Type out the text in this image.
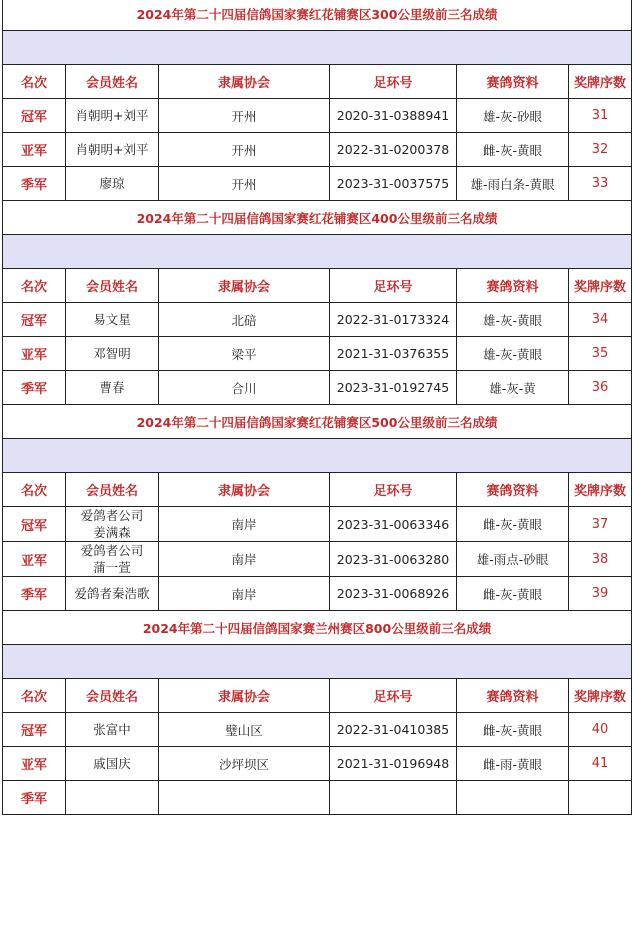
2024年第二十四届信鸽国家赛红花铺赛区300公里级前三名成绩					

名次	会员姓名	隶属协会	足环号	赛鸽资料	奖牌序数
冠军	肖朝明+刘平	开州	2020-31-0388941	雄-灰-砂眼	31
亚军	肖朝明+刘平	开州	2022-31-0200378	雌-灰-黄眼	32
季军	廖琼	开州	2023-31-0037575	雄-雨白条-黄眼	33
2024年第二十四届信鸽国家赛红花铺赛区400公里级前三名成绩					

名次	会员姓名	隶属协会	足环号	赛鸽资料	奖牌序数
冠军	易文星	北碚	2022-31-0173324	雄-灰-黄眼	34
亚军	邓智明	梁平	2021-31-0376355	雄-灰-黄眼	35
季军	曹春	合川	2023-31-0192745	雄-灰-黄	36
2024年第二十四届信鸽国家赛红花铺赛区500公里级前三名成绩					

名次	会员姓名	隶属协会	足环号	赛鸽资料	奖牌序数
冠军	爱鸽者公司
姜满森	南岸	2023-31-0063346	雌-灰-黄眼	37
亚军	爱鸽者公司
蒲一萱	南岸	2023-31-0063280	雄-雨点-砂眼	38
季军	爱鸽者秦浩歌	南岸	2023-31-0068926	雌-灰-黄眼	39
2024年第二十四届信鸽国家赛兰州赛区800公里级前三名成绩					

名次	会员姓名	隶属协会	足环号	赛鸽资料	奖牌序数
冠军	张富中	璧山区	2022-31-0410385	雌-灰-黄眼	40
亚军	戚国庆	沙坪坝区	2021-31-0196948	雌-雨-黄眼	41
季军	
